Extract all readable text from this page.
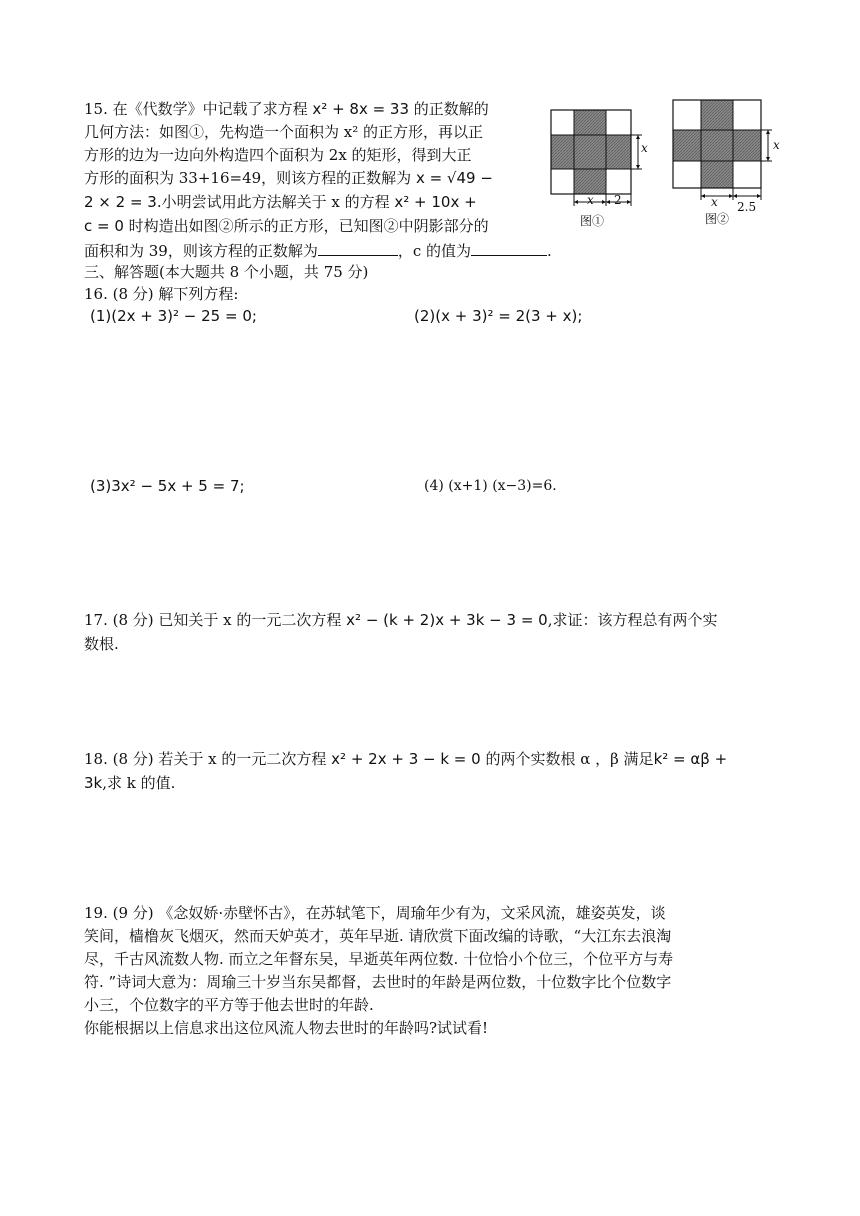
15. 在《代数学》中记载了求方程 x² + 8x = 33 的正数解的
几何方法：如图①，先构造一个面积为 x² 的正方形，再以正
方形的边为一边向外构造四个面积为 2x 的矩形，得到大正
方形的面积为 33+16=49，则该方程的正数解为 x = √49 −
2 × 2 = 3.小明尝试用此方法解关于 x 的方程 x² + 10x +
c = 0 时构造出如图②所示的正方形，已知图②中阴影部分的
面积和为 39，则该方程的正数解为	，c 的值为	.
x
x 2
图①
x
x 2.5
图②
三、解答题(本大题共 8 个小题，共 75 分)
16. (8 分) 解下列方程:
(1)(2x + 3)² − 25 = 0;	(2)(x + 3)² = 2(3 + x);
(3)3x² − 5x + 5 = 7;	(4) (x+1) (x−3)=6.
17. (8 分) 已知关于 x 的一元二次方程 x² − (k + 2)x + 3k − 3 = 0,求证：该方程总有两个实
数根.
18. (8 分) 若关于 x 的一元二次方程 x² + 2x + 3 − k = 0 的两个实数根 α ，β 满足k² = αβ +
3k,求 k 的值.
19. (9 分) 《念奴娇·赤壁怀古》，在苏轼笔下，周瑜年少有为，文采风流，雄姿英发，谈
笑间，樯橹灰飞烟灭，然而天妒英才，英年早逝. 请欣赏下面改编的诗歌，“大江东去浪淘
尽，千古风流数人物. 而立之年督东吴，早逝英年两位数. 十位恰小个位三，个位平方与寿
符. ”诗词大意为：周瑜三十岁当东吴都督，去世时的年龄是两位数，十位数字比个位数字
小三，个位数字的平方等于他去世时的年龄.
你能根据以上信息求出这位风流人物去世时的年龄吗?试试看!
